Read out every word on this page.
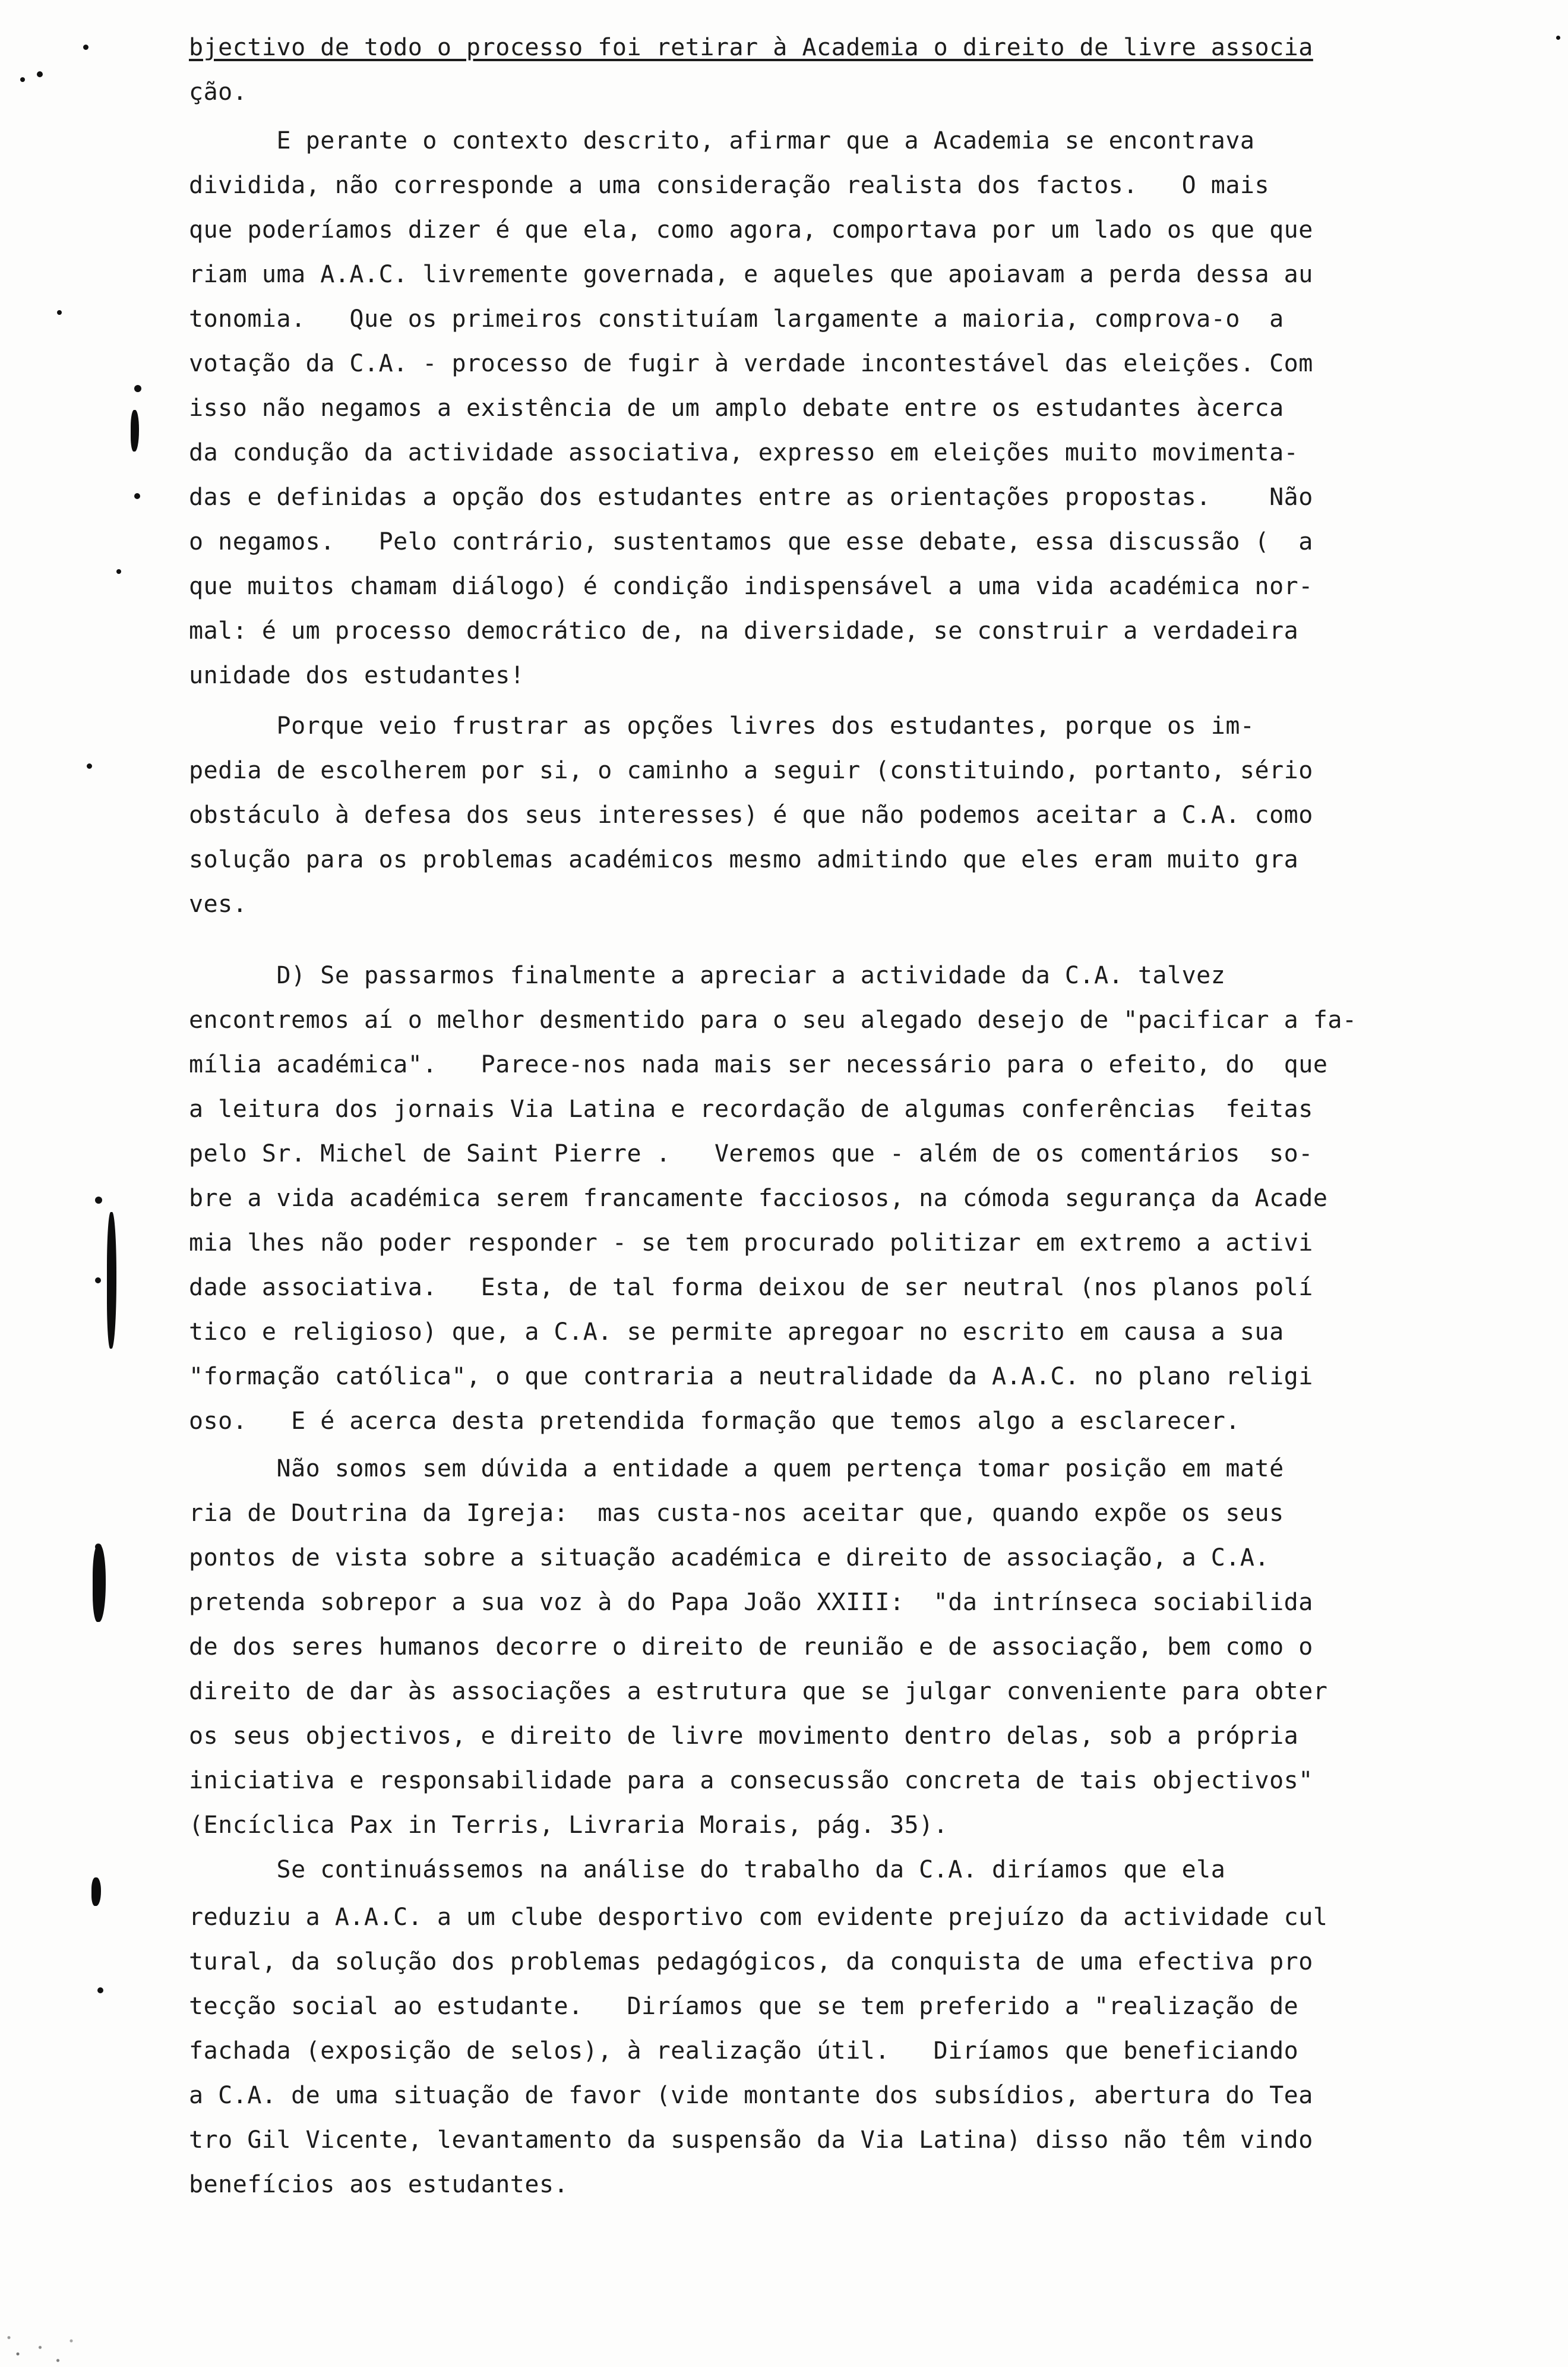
bjectivo de todo o processo foi retirar à Academia o direito de livre associa
ção.
E perante o contexto descrito, afirmar que a Academia se encontrava
dividida, não corresponde a uma consideração realista dos factos.   O mais
que poderíamos dizer é que ela, como agora, comportava por um lado os que que
riam uma A.A.C. livremente governada, e aqueles que apoiavam a perda dessa au
tonomia.   Que os primeiros constituíam largamente a maioria, comprova-o  a
votação da C.A. - processo de fugir à verdade incontestável das eleições. Com
isso não negamos a existência de um amplo debate entre os estudantes àcerca
da condução da actividade associativa, expresso em eleições muito movimenta-
das e definidas a opção dos estudantes entre as orientações propostas.    Não
o negamos.   Pelo contrário, sustentamos que esse debate, essa discussão (  a
que muitos chamam diálogo) é condição indispensável a uma vida académica nor-
mal: é um processo democrático de, na diversidade, se construir a verdadeira
unidade dos estudantes!
Porque veio frustrar as opções livres dos estudantes, porque os im-
pedia de escolherem por si, o caminho a seguir (constituindo, portanto, sério
obstáculo à defesa dos seus interesses) é que não podemos aceitar a C.A. como
solução para os problemas académicos mesmo admitindo que eles eram muito gra
ves.
D) Se passarmos finalmente a apreciar a actividade da C.A. talvez
encontremos aí o melhor desmentido para o seu alegado desejo de "pacificar a fa-
mília académica".   Parece-nos nada mais ser necessário para o efeito, do  que
a leitura dos jornais Via Latina e recordação de algumas conferências  feitas
pelo Sr. Michel de Saint Pierre .   Veremos que - além de os comentários  so-
bre a vida académica serem francamente facciosos, na cómoda segurança da Acade
mia lhes não poder responder - se tem procurado politizar em extremo a activi
dade associativa.   Esta, de tal forma deixou de ser neutral (nos planos polí
tico e religioso) que, a C.A. se permite apregoar no escrito em causa a sua
"formação católica", o que contraria a neutralidade da A.A.C. no plano religi
oso.   E é acerca desta pretendida formação que temos algo a esclarecer.
Não somos sem dúvida a entidade a quem pertença tomar posição em maté
ria de Doutrina da Igreja:  mas custa-nos aceitar que, quando expõe os seus
pontos de vista sobre a situação académica e direito de associação, a C.A.
pretenda sobrepor a sua voz à do Papa João XXIII:  "da intrínseca sociabilida
de dos seres humanos decorre o direito de reunião e de associação, bem como o
direito de dar às associações a estrutura que se julgar conveniente para obter
os seus objectivos, e direito de livre movimento dentro delas, sob a própria
iniciativa e responsabilidade para a consecussão concreta de tais objectivos"
(Encíclica Pax in Terris, Livraria Morais, pág. 35).
Se continuássemos na análise do trabalho da C.A. diríamos que ela
reduziu a A.A.C. a um clube desportivo com evidente prejuízo da actividade cul
tural, da solução dos problemas pedagógicos, da conquista de uma efectiva pro
tecção social ao estudante.   Diríamos que se tem preferido a "realização de
fachada (exposição de selos), à realização útil.   Diríamos que beneficiando
a C.A. de uma situação de favor (vide montante dos subsídios, abertura do Tea
tro Gil Vicente, levantamento da suspensão da Via Latina) disso não têm vindo
benefícios aos estudantes.
